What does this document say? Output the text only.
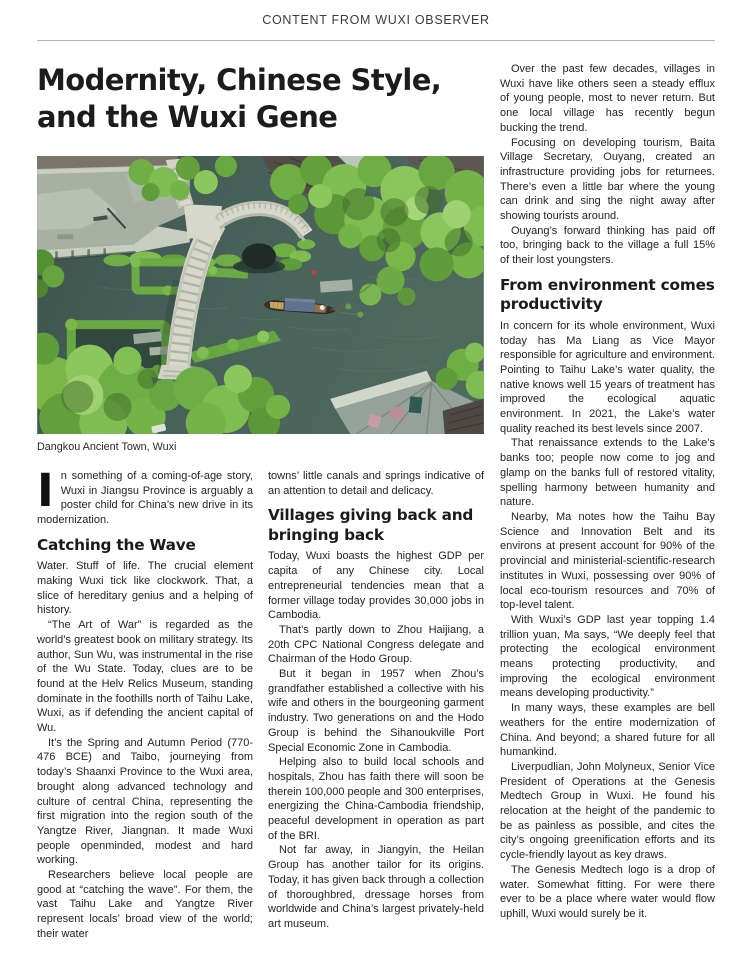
CONTENT FROM WUXI OBSERVER
Modernity, Chinese Style, and the Wuxi Gene
Dangkou Ancient Town, Wuxi

In something of a coming-of-age story, Wuxi in Jiangsu Province is arguably a poster child for China’s new drive in its modernization.

Catching the Wave

Water. Stuff of life. The crucial element making Wuxi tick like clockwork. That, a slice of hereditary genius and a helping of history.

“The Art of War” is regarded as the world’s greatest book on military strategy. Its author, Sun Wu, was instrumental in the rise of the Wu State. Today, clues are to be found at the Helv Relics Museum, standing dominate in the foothills north of Taihu Lake, Wuxi, as if defending the ancient capital of Wu.

It’s the Spring and Autumn Period (770-476 BCE) and Taibo, journeying from today’s Shaanxi Province to the Wuxi area, brought along advanced technology and culture of central China, representing the first migration into the region south of the Yangtze River, Jiangnan. It made Wuxi people openminded, modest and hard working.

Researchers believe local people are good at “catching the wave”. For them, the vast Taihu Lake and Yangtze River represent locals’ broad view of the world; their water

towns’ little canals and springs indicative of an attention to detail and delicacy.

Villages giving back and bringing back

Today, Wuxi boasts the highest GDP per capita of any Chinese city. Local entrepreneurial tendencies mean that a former village today provides 30,000 jobs in Cambodia.

That’s partly down to Zhou Haijiang, a 20th CPC National Congress delegate and Chairman of the Hodo Group.

But it began in 1957 when Zhou’s grandfather established a collective with his wife and others in the bourgeoning garment industry. Two generations on and the Hodo Group is behind the Sihanoukville Port Special Economic Zone in Cambodia.

Helping also to build local schools and hospitals, Zhou has faith there will soon be therein 100,000 people and 300 enterprises, energizing the China-Cambodia friendship, peaceful development in operation as part of the BRI.

Not far away, in Jiangyin, the Heilan Group has another tailor for its origins. Today, it has given back through a collection of thoroughbred, dressage horses from worldwide and China’s largest privately-held art museum.

Over the past few decades, villages in Wuxi have like others seen a steady efflux of young people, most to never return. But one local village has recently begun bucking the trend.

Focusing on developing tourism, Baita Village Secretary, Ouyang, created an infrastructure providing jobs for returnees. There’s even a little bar where the young can drink and sing the night away after showing tourists around.

Ouyang’s forward thinking has paid off too, bringing back to the village a full 15% of their lost youngsters.

From environment comes productivity

In concern for its whole environment, Wuxi today has Ma Liang as Vice Mayor responsible for agriculture and environment. Pointing to Taihu Lake’s water quality, the native knows well 15 years of treatment has improved the ecological aquatic environment. In 2021, the Lake’s water quality reached its best levels since 2007.

That renaissance extends to the Lake’s banks too; people now come to jog and glamp on the banks full of restored vitality, spelling harmony between humanity and nature.

Nearby, Ma notes how the Taihu Bay Science and Innovation Belt and its environs at present account for 90% of the provincial and ministerial-scientific-research institutes in Wuxi, possessing over 90% of local eco-tourism resources and 70% of top-level talent.

With Wuxi’s GDP last year topping 1.4 trillion yuan, Ma says, “We deeply feel that protecting the ecological environment means protecting productivity, and improving the ecological environment means developing productivity.”

In many ways, these examples are bell weathers for the entire modernization of China. And beyond; a shared future for all humankind.

Liverpudlian, John Molyneux, Senior Vice President of Operations at the Genesis Medtech Group in Wuxi. He found his relocation at the height of the pandemic to be as painless as possible, and cites the city’s ongoing greenification efforts and its cycle-friendly layout as key draws.

The Genesis Medtech logo is a drop of water. Somewhat fitting. For were there ever to be a place where water would flow uphill, Wuxi would surely be it.
